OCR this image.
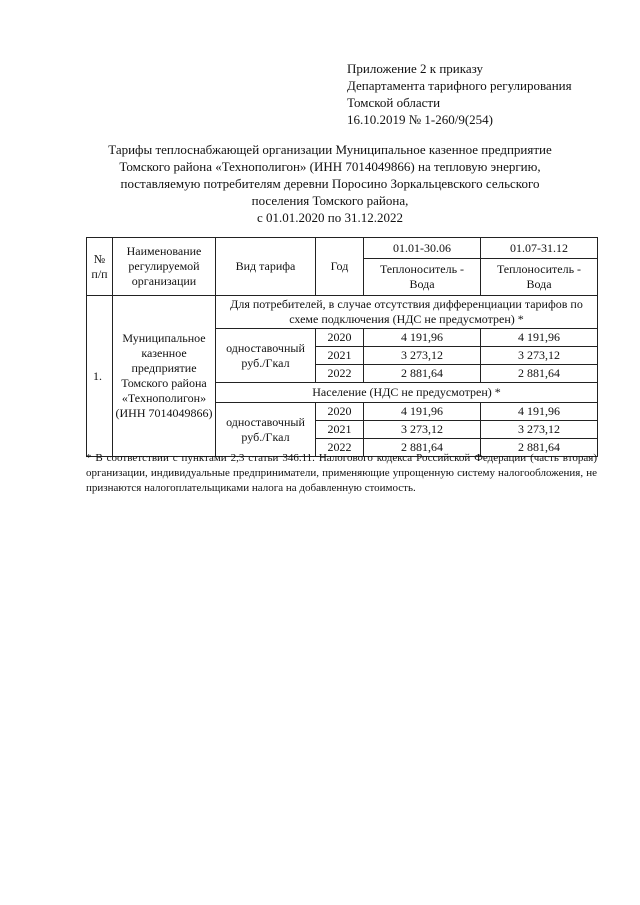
Приложение 2 к приказу
Департамента тарифного регулирования
Томской области
16.10.2019 № 1-260/9(254)
Тарифы теплоснабжающей организации Муниципальное казенное предприятие
Томского района «Технополигон» (ИНН 7014049866) на тепловую энергию,
поставляемую потребителям деревни Поросино Зоркальцевского сельского
поселения Томского района,
с 01.01.2020 по 31.12.2022
№ п/п	Наименование регулируемой организации	Вид тарифа	Год	01.01-30.06	01.07-31.12
				Теплоноситель - Вода	Теплоноситель - Вода
1.	Муниципальное казенное предприятие Томского района «Технополигон» (ИНН 7014049866)	Для потребителей, в случае отсутствия дифференциации тарифов по схеме подключения (НДС не предусмотрен) *			
		одноставочный руб./Гкал	2020	4 191,96	4 191,96
			2021	3 273,12	3 273,12
			2022	2 881,64	2 881,64
		Население (НДС не предусмотрен) *			
		одноставочный руб./Гкал	2020	4 191,96	4 191,96
			2021	3 273,12	3 273,12
			2022	2 881,64	2 881,64
* В соответствии с пунктами 2,3 статьи 346.11. Налогового кодекса Российской Федерации (часть вторая) организации, индивидуальные предприниматели, применяющие упрощенную систему налогообложения, не признаются налогоплательщиками налога на добавленную стоимость.
